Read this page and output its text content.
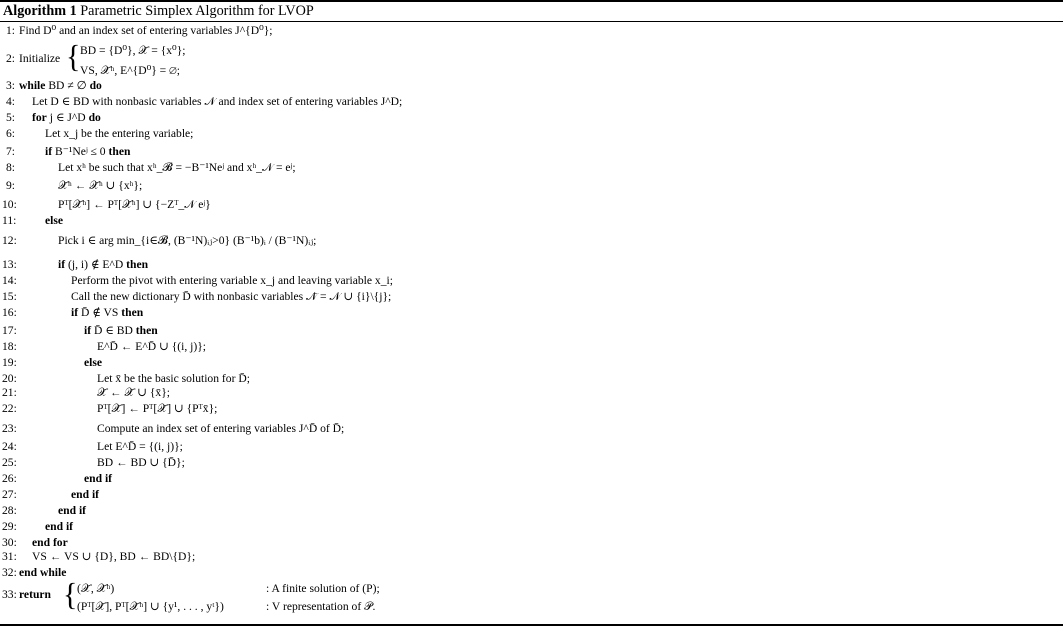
Algorithm 1 Parametric Simplex Algorithm for LVOP
1 : Find D⁰ and an index set of entering variables J^{D⁰};
2 : Initialize
3 : while BD ≠ ∅ do
4 : Let D ∈ BD with nonbasic variables 𝒩 and index set of entering variables J^D;
5 : for j ∈ J^D do
6 :	Let x_j be the entering variable;
7 :	if B⁻¹Neʲ ≤ 0 then
8 :	Let xʰ be such that xʰ_𝓑 = −B⁻¹Neʲ and xʰ_𝒩 = eʲ;
9 :	𝒳̄ʰ ← 𝒳̄ʰ ∪ {xʰ};
10 :	Pᵀ[𝒳̄ʰ] ← Pᵀ[𝒳̄ʰ] ∪ {−Zᵀ_𝒩 eʲ}
11 :	else
12 :	Pick i ∈ arg min_{i∈𝓑, (B⁻¹N)ᵢⱼ>0} (B⁻¹b)ᵢ / (B⁻¹N)ᵢⱼ;
13 :	if (j, i) ∉ E^D then
14 :	Perform the pivot with entering variable x_j and leaving variable x_i;
15 :	Call the new dictionary D̄ with nonbasic variables 𝒩̄ = 𝒩 ∪ {i}\{j};
16 :	if D̄ ∉ VS then
17 :	if D̄ ∈ BD then
18 :	E^D̄ ← E^D̄ ∪ {(i, j)};
19 :	else
20 :	Let x̄ be the basic solution for D̄;
21 :	𝒳̄ ← 𝒳̄ ∪ {x̄};
22 :	Pᵀ[𝒳̄] ← Pᵀ[𝒳̄] ∪ {Pᵀx̄};
23 :	Compute an index set of entering variables J^D̄ of D̄;
24 :	Let E^D̄ = {(i, j)};
25 :	BD ← BD ∪ {D̄};
26 :	end if
27 :	end if
28 :	end if
29 :	end if
30 : end for
31 : VS ← VS ∪ {D}, BD ← BD\{D};
32 : end while
33 : return
{ BD = {D⁰}, 𝒳̄ = {x⁰};
VS, 𝒳̄ʰ, E^{D⁰} = ∅;
{ (𝒳̄, 𝒳̄ʰ)	: A finite solution of (P);
(Pᵀ[𝒳̄], Pᵀ[𝒳̄ʰ] ∪ {y¹, . . . , yᵗ})	: V representation of 𝒫.
